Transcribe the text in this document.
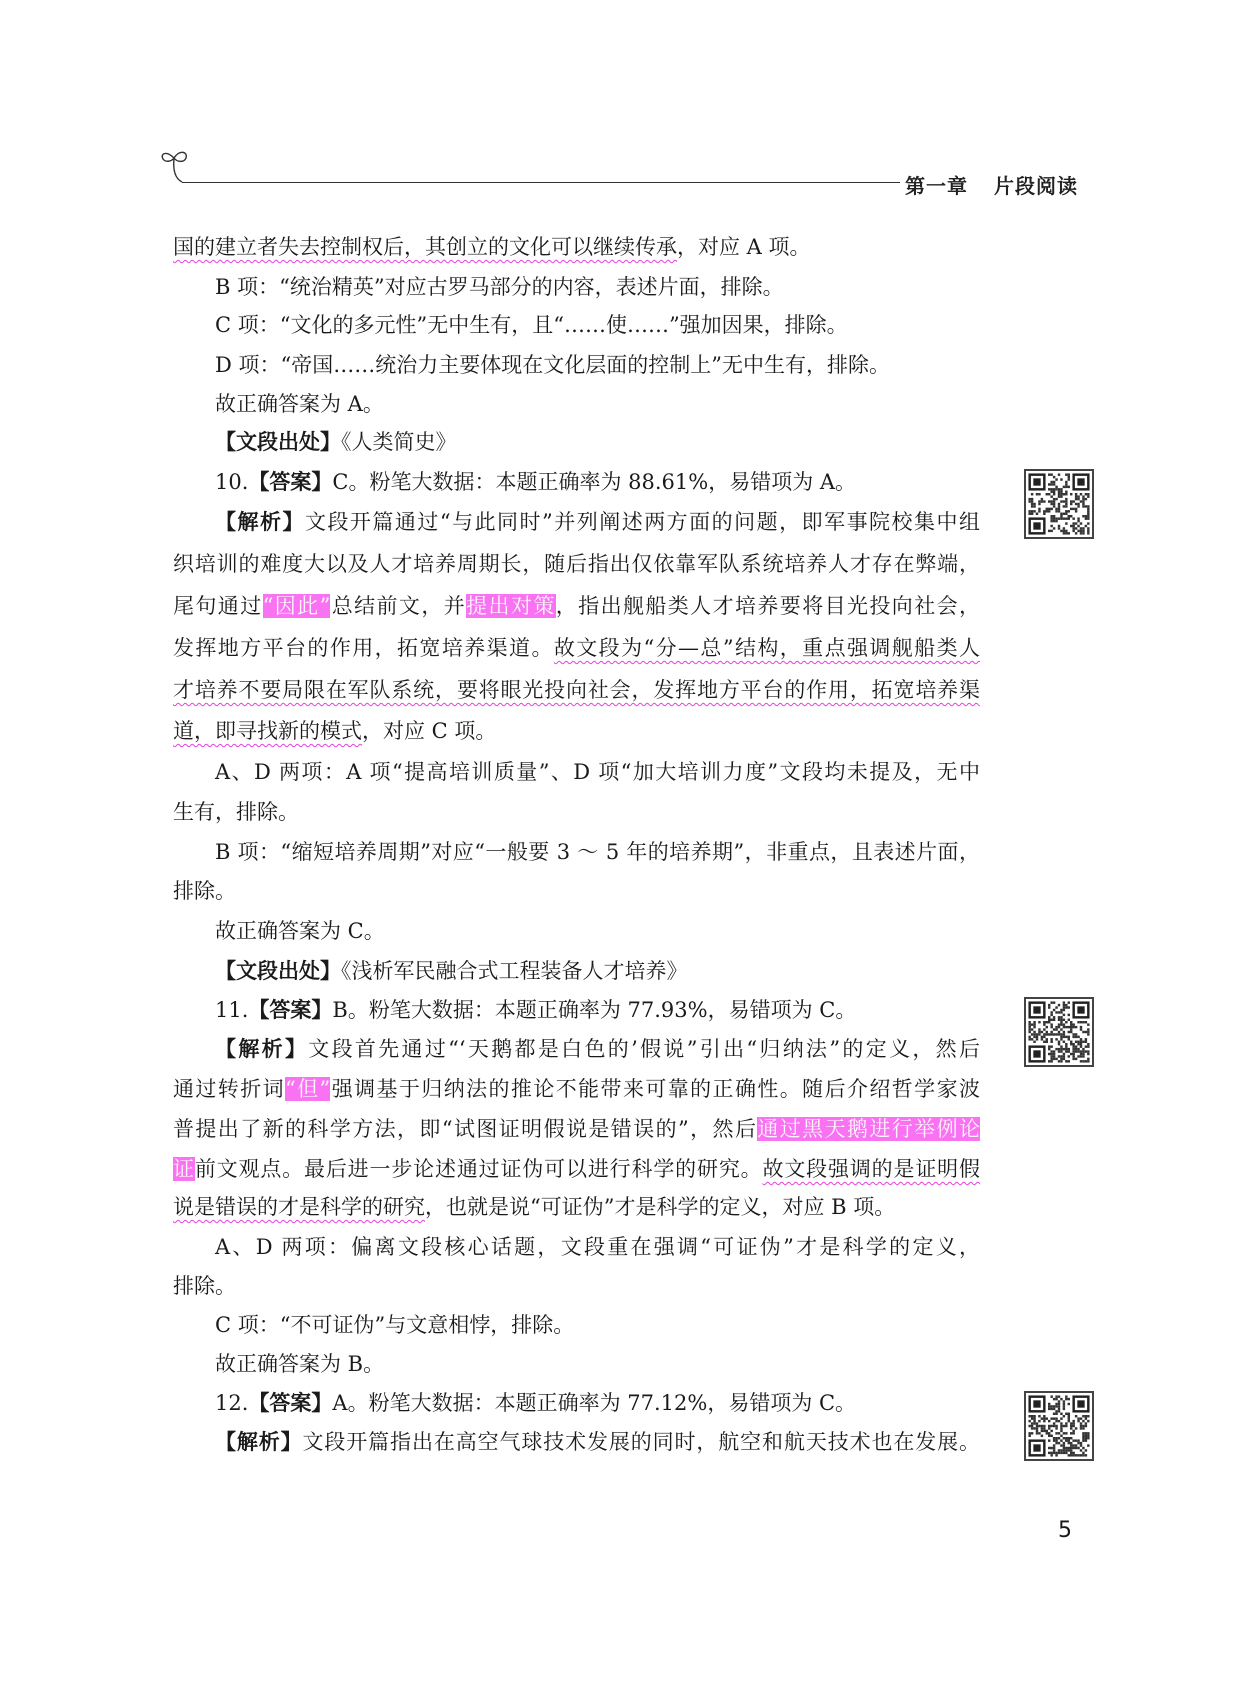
第一章 片段阅读
国的建立者失去控制权后，其创立的文化可以继续传承，对应 A 项。
B 项：“统治精英”对应古罗马部分的内容，表述片面，排除。
C 项：“文化的多元性”无中生有，且“……使……”强加因果，排除。
D 项：“帝国……统治力主要体现在文化层面的控制上”无中生有，排除。
故正确答案为 A。
【文段出处】《人类简史》
10.【答案】C。粉笔大数据：本题正确率为 88.61%，易错项为 A。
【解析】文段开篇通过“与此同时”并列阐述两方面的问题，即军事院校集中组
织培训的难度大以及人才培养周期长，随后指出仅依靠军队系统培养人才存在弊端，
尾句通过“因此”总结前文，并提出对策，指出舰船类人才培养要将目光投向社会，
发挥地方平台的作用，拓宽培养渠道。故文段为“分—总”结构，重点强调舰船类人
才培养不要局限在军队系统，要将眼光投向社会，发挥地方平台的作用，拓宽培养渠
道，即寻找新的模式，对应 C 项。
A、D 两项：A 项“提高培训质量”、D 项“加大培训力度”文段均未提及，无中
生有，排除。
B 项：“缩短培养周期”对应“一般要 3 ～ 5 年的培养期”，非重点，且表述片面，
排除。
故正确答案为 C。
【文段出处】《浅析军民融合式工程装备人才培养》
11.【答案】B。粉笔大数据：本题正确率为 77.93%，易错项为 C。
【解析】文段首先通过“‘天鹅都是白色的’假说”引出“归纳法”的定义，然后
通过转折词“但”强调基于归纳法的推论不能带来可靠的正确性。随后介绍哲学家波
普提出了新的科学方法，即“试图证明假说是错误的”，然后通过黑天鹅进行举例论
证前文观点。最后进一步论述通过证伪可以进行科学的研究。故文段强调的是证明假
说是错误的才是科学的研究，也就是说“可证伪”才是科学的定义，对应 B 项。
A、D 两项：偏离文段核心话题，文段重在强调“可证伪”才是科学的定义，
排除。
C 项：“不可证伪”与文意相悖，排除。
故正确答案为 B。
12.【答案】A。粉笔大数据：本题正确率为 77.12%，易错项为 C。
【解析】文段开篇指出在高空气球技术发展的同时，航空和航天技术也在发展。
5
